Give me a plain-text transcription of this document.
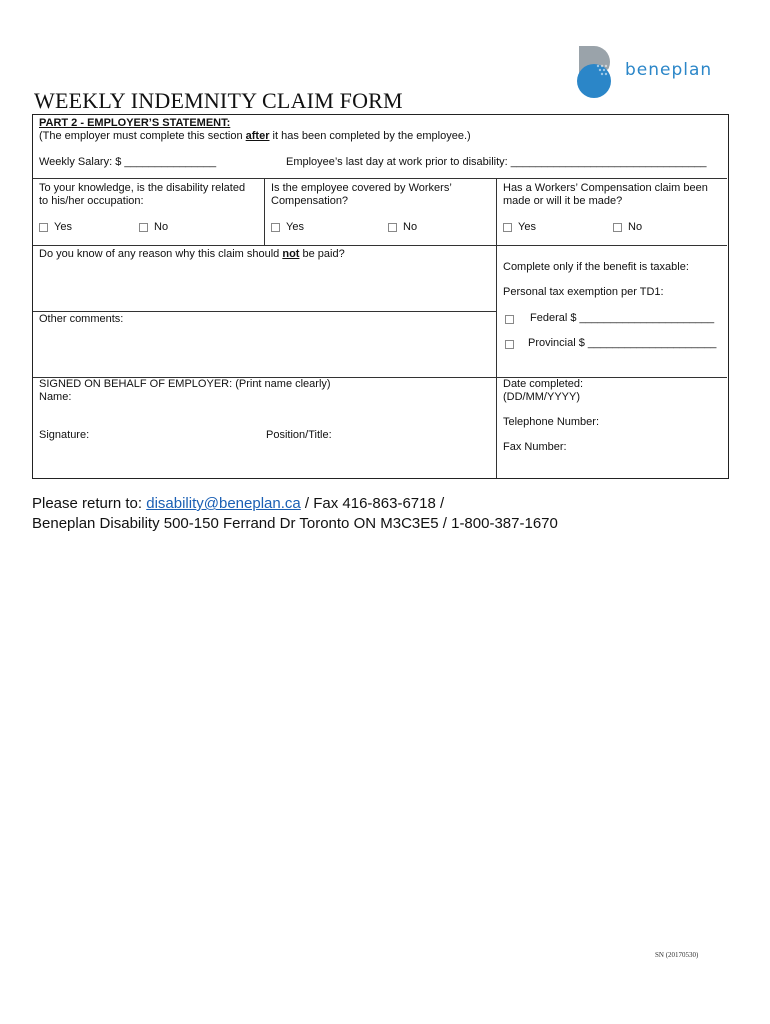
beneplan
WEEKLY INDEMNITY CLAIM FORM
PART 2 - EMPLOYER’S STATEMENT:
(The employer must complete this section after it has been completed by the employee.)
Weekly Salary: $ _______________	Employee’s last day at work prior to disability: ________________________________
To your knowledge, is the disability related
to his/her occupation:
Yes	No
Is the employee covered by Workers’
Compensation?
Yes	No
Has a Workers’ Compensation claim been
made or will it be made?
Yes	No
Do you know of any reason why this claim should not be paid?
Complete only if the benefit is taxable:
Personal tax exemption per TD1:
Federal $ ______________________
Provincial $ _____________________
Other comments:
SIGNED ON BEHALF OF EMPLOYER: (Print name clearly)
Name:
Signature:	Position/Title:
Date completed:
(DD/MM/YYYY)
Telephone Number:
Fax Number:
Please return to: disability@beneplan.ca / Fax 416-863-6718 /
Beneplan Disability 500-150 Ferrand Dr Toronto ON M3C3E5 / 1-800-387-1670
SN (20170530)
